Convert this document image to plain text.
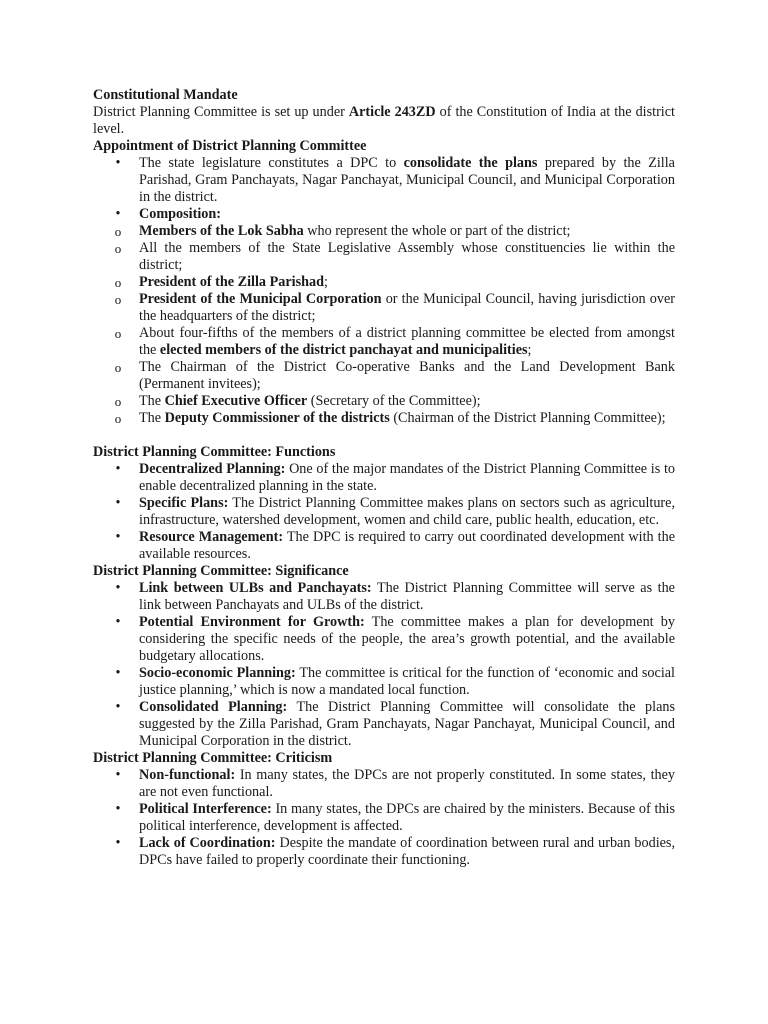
Constitutional Mandate

District Planning Committee is set up under Article 243ZD of the Constitution of India at the district level.

Appointment of District Planning Committee

•	The state legislature constitutes a DPC to consolidate the plans prepared by the Zilla Parishad, Gram Panchayats, Nagar Panchayat, Municipal Council, and Municipal Corporation in the district.
•	Composition:
o Members of the Lok Sabha who represent the whole or part of the district;
o All the members of the State Legislative Assembly whose constituencies lie within the district;
o President of the Zilla Parishad;
o President of the Municipal Corporation or the Municipal Council, having jurisdiction over the headquarters of the district;
o About four-fifths of the members of a district planning committee be elected from amongst the elected members of the district panchayat and municipalities;
o The Chairman of the District Co-operative Banks and the Land Development Bank (Permanent invitees);
o The Chief Executive Officer (Secretary of the Committee);
o The Deputy Commissioner of the districts (Chairman of the District Planning Committee);

District Planning Committee: Functions

•	Decentralized Planning: One of the major mandates of the District Planning Committee is to enable decentralized planning in the state.
•	Specific Plans: The District Planning Committee makes plans on sectors such as agriculture, infrastructure, watershed development, women and child care, public health, education, etc.
•	Resource Management: The DPC is required to carry out coordinated development with the available resources.

District Planning Committee: Significance

•	Link between ULBs and Panchayats: The District Planning Committee will serve as the link between Panchayats and ULBs of the district.
•	Potential Environment for Growth: The committee makes a plan for development by considering the specific needs of the people, the area’s growth potential, and the available budgetary allocations.
•	Socio-economic Planning: The committee is critical for the function of ‘economic and social justice planning,’ which is now a mandated local function.
•	Consolidated Planning: The District Planning Committee will consolidate the plans suggested by the Zilla Parishad, Gram Panchayats, Nagar Panchayat, Municipal Council, and Municipal Corporation in the district.

District Planning Committee: Criticism

•	Non-functional: In many states, the DPCs are not properly constituted. In some states, they are not even functional.
•	Political Interference: In many states, the DPCs are chaired by the ministers. Because of this political interference, development is affected.
•	Lack of Coordination: Despite the mandate of coordination between rural and urban bodies, DPCs have failed to properly coordinate their functioning.
